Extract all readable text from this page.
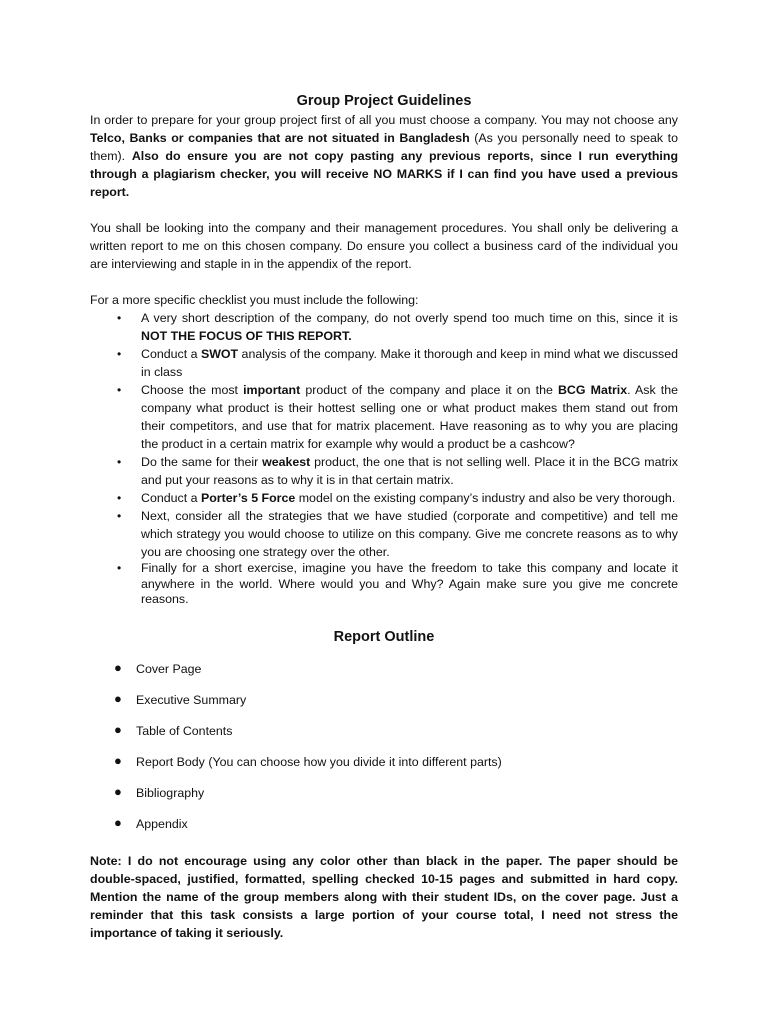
Group Project Guidelines

In order to prepare for your group project first of all you must choose a company. You may not choose any Telco, Banks or companies that are not situated in Bangladesh (As you personally need to speak to them). Also do ensure you are not copy pasting any previous reports, since I run everything through a plagiarism checker, you will receive NO MARKS if I can find you have used a previous report.

You shall be looking into the company and their management procedures. You shall only be delivering a written report to me on this chosen company. Do ensure you collect a business card of the individual you are interviewing and staple in in the appendix of the report.

For a more specific checklist you must include the following:

• A very short description of the company, do not overly spend too much time on this, since it is NOT THE FOCUS OF THIS REPORT.
• Conduct a SWOT analysis of the company. Make it thorough and keep in mind what we discussed in class
• Choose the most important product of the company and place it on the BCG Matrix. Ask the company what product is their hottest selling one or what product makes them stand out from their competitors, and use that for matrix placement. Have reasoning as to why you are placing the product in a certain matrix for example why would a product be a cashcow?
• Do the same for their weakest product, the one that is not selling well. Place it in the BCG matrix and put your reasons as to why it is in that certain matrix.
• Conduct a Porter’s 5 Force model on the existing company’s industry and also be very thorough.
• Next, consider all the strategies that we have studied (corporate and competitive) and tell me which strategy you would choose to utilize on this company. Give me concrete reasons as to why you are choosing one strategy over the other.
• Finally for a short exercise, imagine you have the freedom to take this company and locate it anywhere in the world. Where would you and Why? Again make sure you give me concrete reasons.
Report Outline
● Cover Page
● Executive Summary
● Table of Contents
● Report Body (You can choose how you divide it into different parts)
● Bibliography
● Appendix

Note: I do not encourage using any color other than black in the paper. The paper should be double-spaced, justified, formatted, spelling checked 10-15 pages and submitted in hard copy. Mention the name of the group members along with their student IDs, on the cover page. Just a reminder that this task consists a large portion of your course total, I need not stress the importance of taking it seriously.
